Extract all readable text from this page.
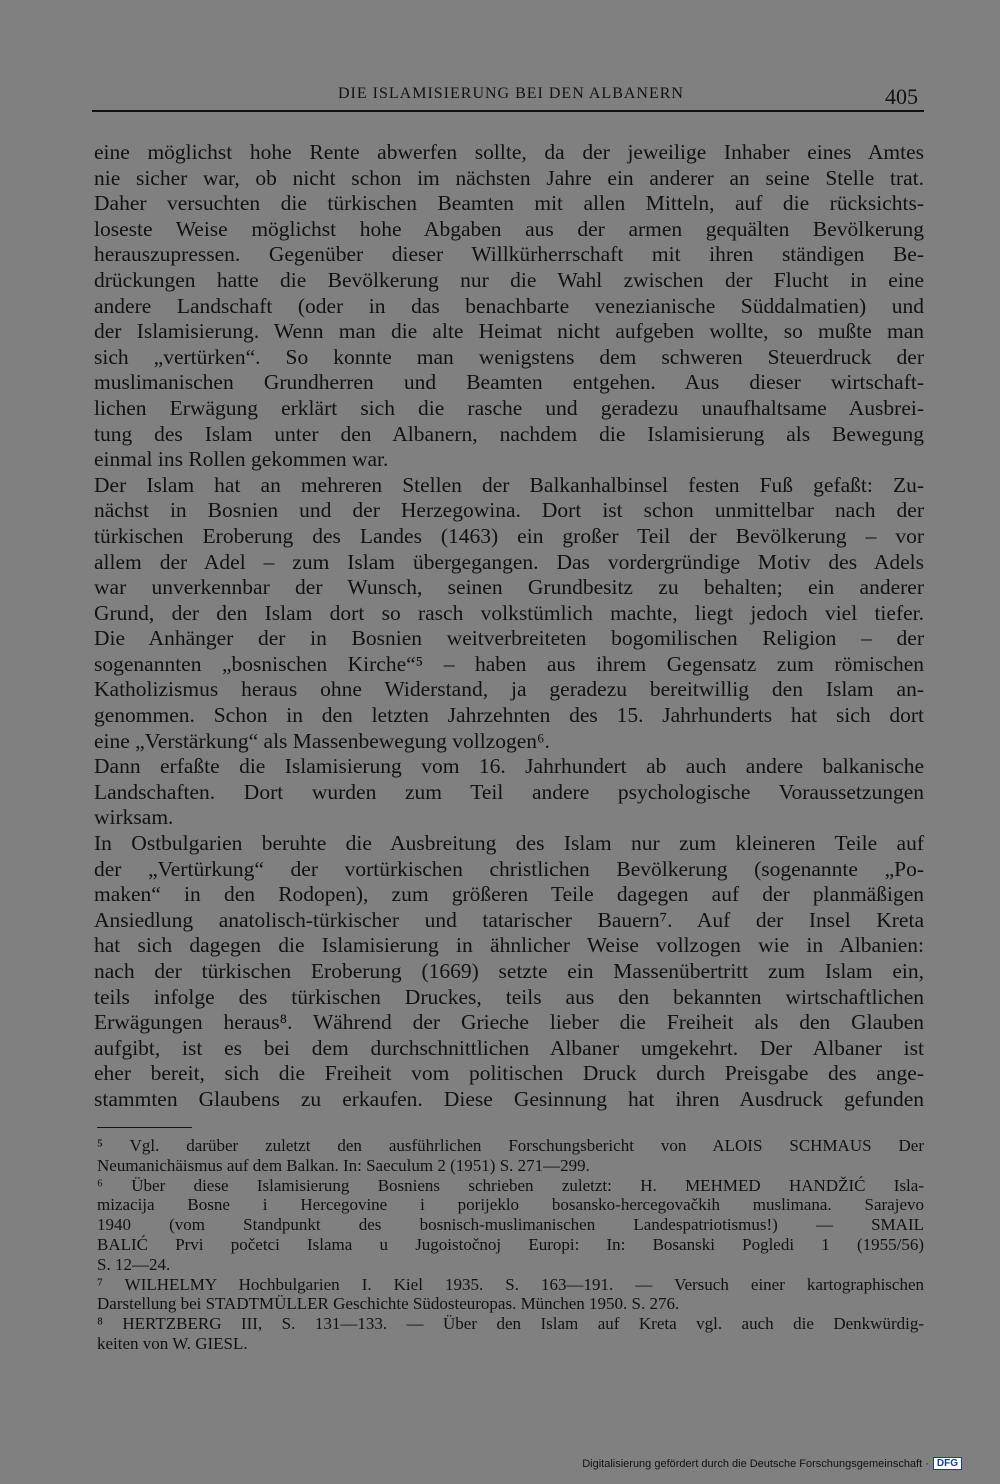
DIE ISLAMISIERUNG BEI DEN ALBANERN	405
eine möglichst hohe Rente abwerfen sollte, da der jeweilige Inhaber eines Amtes
nie sicher war, ob nicht schon im nächsten Jahre ein anderer an seine Stelle trat.
Daher versuchten die türkischen Beamten mit allen Mitteln, auf die rücksichts-
loseste Weise möglichst hohe Abgaben aus der armen gequälten Bevölkerung
herauszupressen. Gegenüber dieser Willkürherrschaft mit ihren ständigen Be-
drückungen hatte die Bevölkerung nur die Wahl zwischen der Flucht in eine
andere Landschaft (oder in das benachbarte venezianische Süddalmatien) und
der Islamisierung. Wenn man die alte Heimat nicht aufgeben wollte, so mußte man
sich „vertürken“. So konnte man wenigstens dem schweren Steuerdruck der
muslimanischen Grundherren und Beamten entgehen. Aus dieser wirtschaft-
lichen Erwägung erklärt sich die rasche und geradezu unaufhaltsame Ausbrei-
tung des Islam unter den Albanern, nachdem die Islamisierung als Bewegung
einmal ins Rollen gekommen war.
Der Islam hat an mehreren Stellen der Balkanhalbinsel festen Fuß gefaßt: Zu-
nächst in Bosnien und der Herzegowina. Dort ist schon unmittelbar nach der
türkischen Eroberung des Landes (1463) ein großer Teil der Bevölkerung – vor
allem der Adel – zum Islam übergegangen. Das vordergründige Motiv des Adels
war unverkennbar der Wunsch, seinen Grundbesitz zu behalten; ein anderer
Grund, der den Islam dort so rasch volkstümlich machte, liegt jedoch viel tiefer.
Die Anhänger der in Bosnien weitverbreiteten bogomilischen Religion – der
sogenannten „bosnischen Kirche“⁵ – haben aus ihrem Gegensatz zum römischen
Katholizismus heraus ohne Widerstand, ja geradezu bereitwillig den Islam an-
genommen. Schon in den letzten Jahrzehnten des 15. Jahrhunderts hat sich dort
eine „Verstärkung“ als Massenbewegung vollzogen⁶.
Dann erfaßte die Islamisierung vom 16. Jahrhundert ab auch andere balkanische
Landschaften. Dort wurden zum Teil andere psychologische Voraussetzungen
wirksam.
In Ostbulgarien beruhte die Ausbreitung des Islam nur zum kleineren Teile auf
der „Vertürkung“ der vortürkischen christlichen Bevölkerung (sogenannte „Po-
maken“ in den Rodopen), zum größeren Teile dagegen auf der planmäßigen
Ansiedlung anatolisch-türkischer und tatarischer Bauern⁷. Auf der Insel Kreta
hat sich dagegen die Islamisierung in ähnlicher Weise vollzogen wie in Albanien:
nach der türkischen Eroberung (1669) setzte ein Massenübertritt zum Islam ein,
teils infolge des türkischen Druckes, teils aus den bekannten wirtschaftlichen
Erwägungen heraus⁸. Während der Grieche lieber die Freiheit als den Glauben
aufgibt, ist es bei dem durchschnittlichen Albaner umgekehrt. Der Albaner ist
eher bereit, sich die Freiheit vom politischen Druck durch Preisgabe des ange-
stammten Glaubens zu erkaufen. Diese Gesinnung hat ihren Ausdruck gefunden
⁵ Vgl. darüber zuletzt den ausführlichen Forschungsbericht von ALOIS SCHMAUS Der
Neumanichäismus auf dem Balkan. In: Saeculum 2 (1951) S. 271—299.
⁶ Über diese Islamisierung Bosniens schrieben zuletzt: H. MEHMED HANDŽIĆ Isla-
mizacija Bosne i Hercegovine i porijeklo bosansko-hercegovačkih muslimana. Sarajevo
1940 (vom Standpunkt des bosnisch-muslimanischen Landespatriotismus!) — SMAIL
BALIĆ Prvi početci Islama u Jugoistočnoj Europi: In: Bosanski Pogledi 1 (1955/56)
S. 12—24.
⁷ WILHELMY Hochbulgarien I. Kiel 1935. S. 163—191. — Versuch einer kartographischen
Darstellung bei STADTMÜLLER Geschichte Südosteuropas. München 1950. S. 276.
⁸ HERTZBERG III, S. 131—133. — Über den Islam auf Kreta vgl. auch die Denkwürdig-
keiten von W. GIESL.
Digitalisierung gefördert durch die Deutsche Forschungsgemeinschaft · DFG
